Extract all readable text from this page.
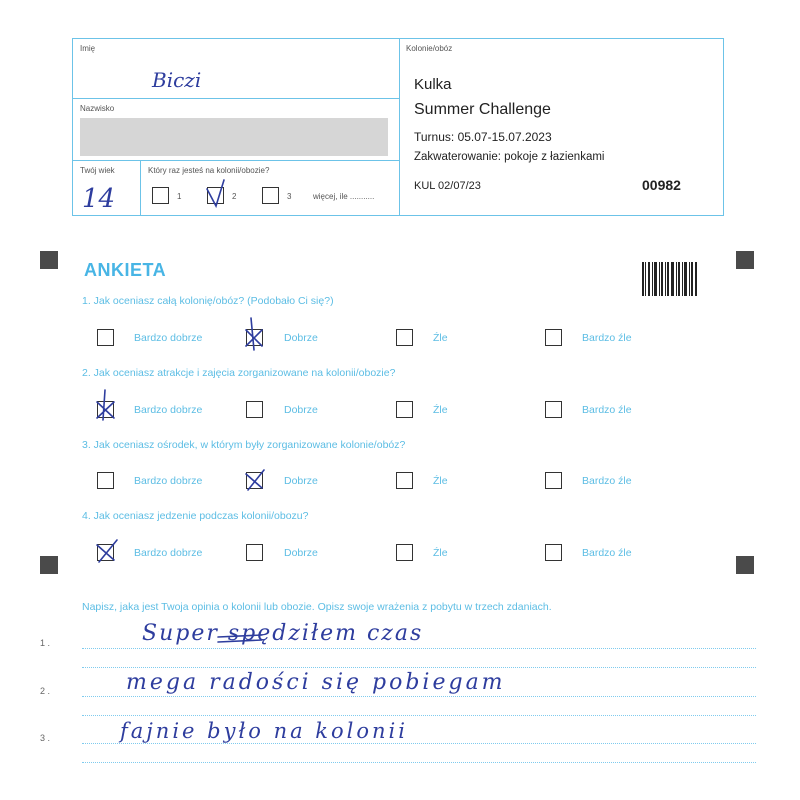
Imię
Biczi
Nazwisko
Twój wiek
14
Który raz jesteś na kolonii/obozie?
1	2	3	więcej, ile ...........
Kolonie/obóz
Kulka
Summer Challenge
Turnus: 05.07-15.07.2023
Zakwaterowanie: pokoje z łazienkami
KUL 02/07/23	00982
ANKIETA
1. Jak oceniasz całą kolonię/obóz? (Podobało Ci się?)
Bardzo dobrze	Dobrze	Źle	Bardzo źle
2. Jak oceniasz atrakcje i zajęcia zorganizowane na kolonii/obozie?
Bardzo dobrze	Dobrze	Źle	Bardzo źle
3. Jak oceniasz ośrodek, w którym były zorganizowane kolonie/obóz?
Bardzo dobrze	Dobrze	Źle	Bardzo źle
4. Jak oceniasz jedzenie podczas kolonii/obozu?
Bardzo dobrze	Dobrze	Źle	Bardzo źle
Napisz, jaka jest Twoja opinia o kolonii lub obozie. Opisz swoje wrażenia z pobytu w trzech zdaniach.
1 .	Super spędziłem czas
2 .	mega radości się pobiegam
3 .	fajnie było na kolonii
